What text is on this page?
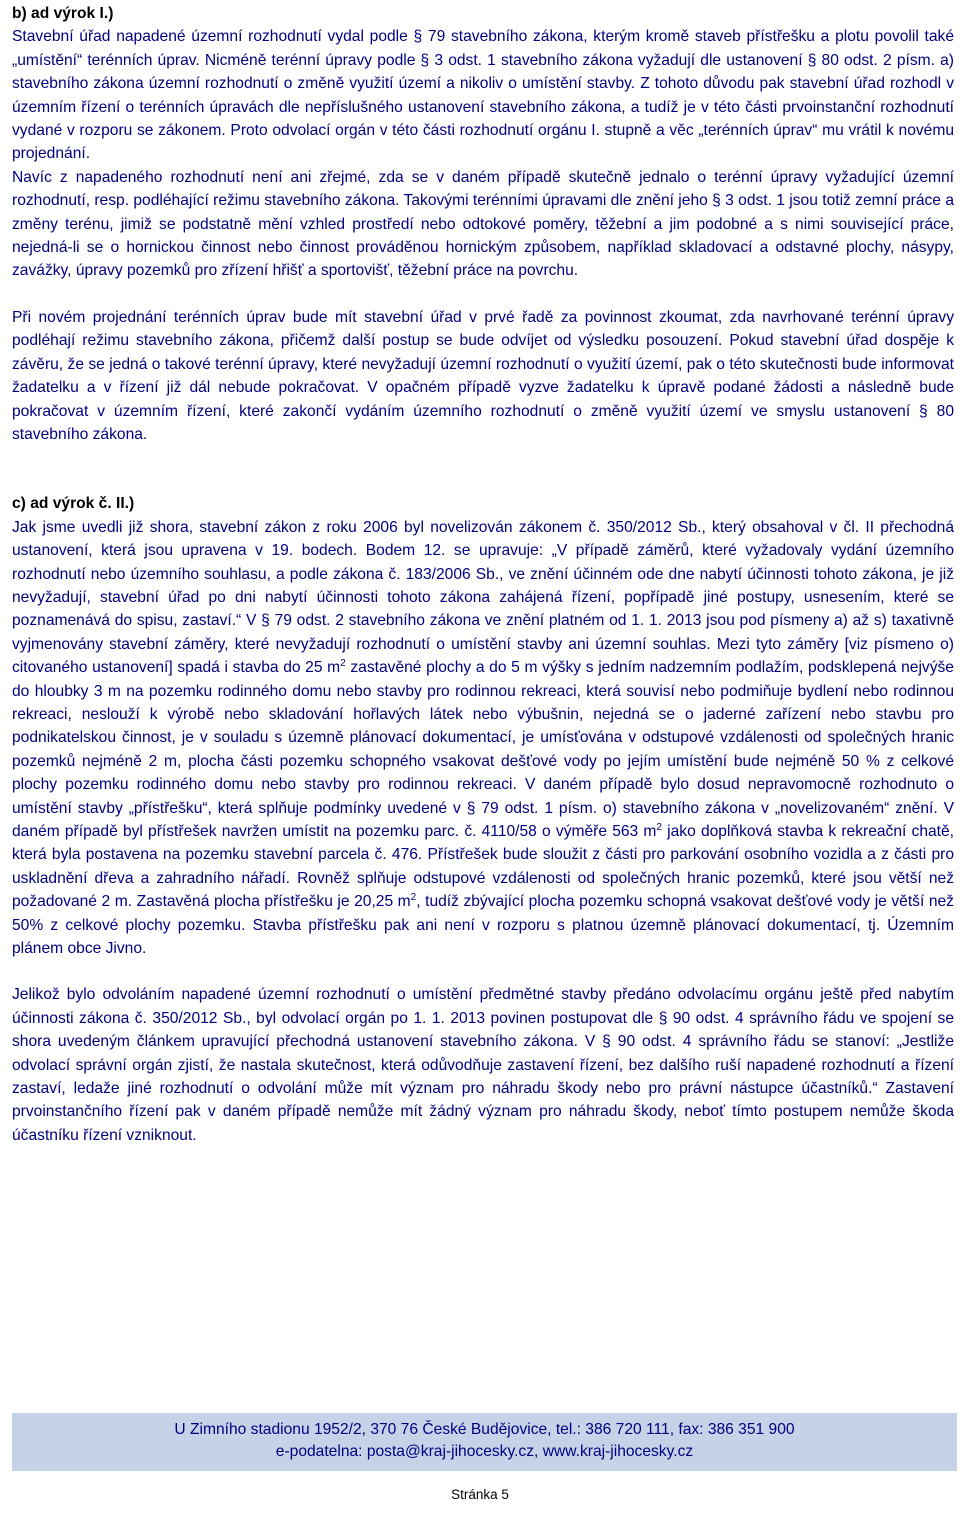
b) ad výrok I.)
Stavební úřad napadené územní rozhodnutí vydal podle § 79 stavebního zákona, kterým kromě staveb přístřešku a plotu povolil také „umístění“ terénních úprav. Nicméně terénní úpravy podle § 3 odst. 1 stavebního zákona vyžadují dle ustanovení § 80 odst. 2 písm. a) stavebního zákona územní rozhodnutí o změně využití území a nikoliv o umístění stavby. Z tohoto důvodu pak stavební úřad rozhodl v územním řízení o terénních úpravách dle nepříslušného ustanovení stavebního zákona, a tudíž je v této části prvoinstanční rozhodnutí vydané v rozporu se zákonem. Proto odvolací orgán v této části rozhodnutí orgánu I. stupně a věc „terénních úprav“ mu vrátil k novému projednání.
Navíc z napadeného rozhodnutí není ani zřejmé, zda se v daném případě skutečně jednalo o terénní úpravy vyžadující územní rozhodnutí, resp. podléhající režimu stavebního zákona. Takovými terénními úpravami dle znění jeho § 3 odst. 1 jsou totiž zemní práce a změny terénu, jimiž se podstatně mění vzhled prostředí nebo odtokové poměry, těžební a jim podobné a s nimi související práce, nejedná-li se o hornickou činnost nebo činnost prováděnou hornickým způsobem, například skladovací a odstavné plochy, násypy, zavážky, úpravy pozemků pro zřízení hřišť a sportovišť, těžební práce na povrchu.
Při novém projednání terénních úprav bude mít stavební úřad v prvé řadě za povinnost zkoumat, zda navrhované terénní úpravy podléhají režimu stavebního zákona, přičemž další postup se bude odvíjet od výsledku posouzení. Pokud stavební úřad dospěje k závěru, že se jedná o takové terénní úpravy, které nevyžadují územní rozhodnutí o využití území, pak o této skutečnosti bude informovat žadatelku a v řízení již dál nebude pokračovat. V opačném případě vyzve žadatelku k úpravě podané žádosti a následně bude pokračovat v územním řízení, které zakončí vydáním územního rozhodnutí o změně využití území ve smyslu ustanovení § 80 stavebního zákona.
c) ad výrok č. II.)
Jak jsme uvedli již shora, stavební zákon z roku 2006 byl novelizován zákonem č. 350/2012 Sb., který obsahoval v čl. II přechodná ustanovení, která jsou upravena v 19. bodech. Bodem 12. se upravuje: „V případě záměrů, které vyžadovaly vydání územního rozhodnutí nebo územního souhlasu, a podle zákona č. 183/2006 Sb., ve znění účinném ode dne nabytí účinnosti tohoto zákona, je již nevyžadují, stavební úřad po dni nabytí účinnosti tohoto zákona zahájená řízení, popřípadě jiné postupy, usnesením, které se poznamenává do spisu, zastaví.“ V § 79 odst. 2 stavebního zákona ve znění platném od 1. 1. 2013 jsou pod písmeny a) až s) taxativně vyjmenovány stavební záměry, které nevyžadují rozhodnutí o umístění stavby ani územní souhlas. Mezi tyto záměry [viz písmeno o) citovaného ustanovení] spadá i stavba do 25 $m^2$ zastavěné plochy a do 5 m výšky s jedním nadzemním podlažím, podsklepená nejvýše do hloubky 3 m na pozemku rodinného domu nebo stavby pro rodinnou rekreaci, která souvisí nebo podmiňuje bydlení nebo rodinnou rekreaci, neslouží k výrobě nebo skladování hořlavých látek nebo výbušnin, nejedná se o jaderné zařízení nebo stavbu pro podnikatelskou činnost, je v souladu s územně plánovací dokumentací, je umísťována v odstupové vzdálenosti od společných hranic pozemků nejméně 2 m, plocha části pozemku schopného vsakovat dešťové vody po jejím umístění bude nejméně 50 % z celkové plochy pozemku rodinného domu nebo stavby pro rodinnou rekreaci. V daném případě bylo dosud nepravomocně rozhodnuto o umístění stavby „přístřešku“, která splňuje podmínky uvedené v § 79 odst. 1 písm. o) stavebního zákona v „novelizovaném“ znění. V daném případě byl přístřešek navržen umístit na pozemku parc. č. 4110/58 o výměře 563 $m^2$ jako doplňková stavba k rekreační chatě, která byla postavena na pozemku stavební parcela č. 476. Přístřešek bude sloužit z části pro parkování osobního vozidla a z části pro uskladnění dřeva a zahradního nářadí. Rovněž splňuje odstupové vzdálenosti od společných hranic pozemků, které jsou větší než požadované 2 m. Zastavěná plocha přístřešku je 20,25 $m^2$, tudíž zbývající plocha pozemku schopná vsakovat dešťové vody je větší než 50% z celkové plochy pozemku. Stavba přístřešku pak ani není v rozporu s platnou územně plánovací dokumentací, tj. Územním plánem obce Jivno.
Jelikož bylo odvoláním napadené územní rozhodnutí o umístění předmětné stavby předáno odvolacímu orgánu ještě před nabytím účinnosti zákona č. 350/2012 Sb., byl odvolací orgán po 1. 1. 2013 povinen postupovat dle § 90 odst. 4 správního řádu ve spojení se shora uvedeným článkem upravující přechodná ustanovení stavebního zákona. V § 90 odst. 4 správního řádu se stanoví: „Jestliže odvolací správní orgán zjistí, že nastala skutečnost, která odůvodňuje zastavení řízení, bez dalšího ruší napadené rozhodnutí a řízení zastaví, ledaže jiné rozhodnutí o odvolání může mít význam pro náhradu škody nebo pro právní nástupce účastníků.“ Zastavení prvoinstančního řízení pak v daném případě nemůže mít žádný význam pro náhradu škody, neboť tímto postupem nemůže škoda účastníku řízení vzniknout.
U Zimního stadionu 1952/2, 370 76 České Budějovice, tel.: 386 720 111, fax: 386 351 900
e-podatelna: posta@kraj-jihocesky.cz, www.kraj-jihocesky.cz
Stránka 5
